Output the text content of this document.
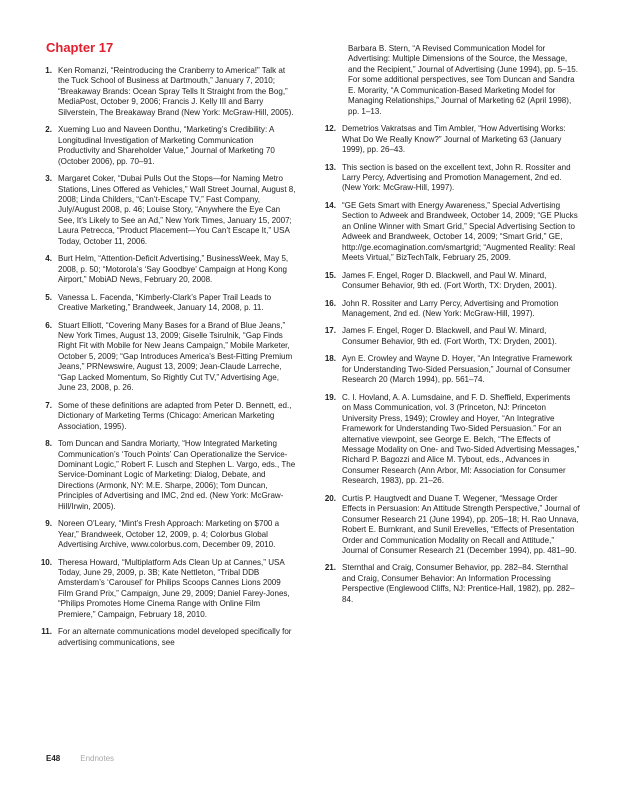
Chapter 17
1. Ken Romanzi, “Reintroducing the Cranberry to America!” Talk at the Tuck School of Business at Dartmouth,” January 7, 2010; “Breakaway Brands: Ocean Spray Tells It Straight from the Bog,” MediaPost, October 9, 2006; Francis J. Kelly III and Barry Silverstein, The Breakaway Brand (New York: McGraw-Hill, 2005).
2. Xueming Luo and Naveen Donthu, “Marketing’s Credibility: A Longitudinal Investigation of Marketing Communication Productivity and Shareholder Value,” Journal of Marketing 70 (October 2006), pp. 70–91.
3. Margaret Coker, “Dubai Pulls Out the Stops—for Naming Metro Stations, Lines Offered as Vehicles,” Wall Street Journal, August 8, 2008; Linda Childers, “Can’t-Escape TV,” Fast Company, July/August 2008, p. 46; Louise Story, “Anywhere the Eye Can See, It’s Likely to See an Ad,” New York Times, January 15, 2007; Laura Petrecca, “Product Placement—You Can’t Escape It,” USA Today, October 11, 2006.
4. Burt Helm, “Attention-Deficit Advertising,” BusinessWeek, May 5, 2008, p. 50; “Motorola’s ‘Say Goodbye’ Campaign at Hong Kong Airport,” MobiAD News, February 20, 2008.
5. Vanessa L. Facenda, “Kimberly-Clark’s Paper Trail Leads to Creative Marketing,” Brandweek, January 14, 2008, p. 11.
6. Stuart Elliott, “Covering Many Bases for a Brand of Blue Jeans,” New York Times, August 13, 2009; Giselle Tsirulnik, “Gap Finds Right Fit with Mobile for New Jeans Campaign,” Mobile Marketer, October 5, 2009; “Gap Introduces America’s Best-Fitting Premium Jeans,” PRNewswire, August 13, 2009; Jean-Claude Larreche, “Gap Lacked Momentum, So Rightly Cut TV,” Advertising Age, June 23, 2008, p. 26.
7. Some of these definitions are adapted from Peter D. Bennett, ed., Dictionary of Marketing Terms (Chicago: American Marketing Association, 1995).
8. Tom Duncan and Sandra Moriarty, “How Integrated Marketing Communication’s ‘Touch Points’ Can Operationalize the Service-Dominant Logic,” Robert F. Lusch and Stephen L. Vargo, eds., The Service-Dominant Logic of Marketing: Dialog, Debate, and Directions (Armonk, NY: M.E. Sharpe, 2006); Tom Duncan, Principles of Advertising and IMC, 2nd ed. (New York: McGraw-Hill/Irwin, 2005).
9. Noreen O’Leary, “Mint’s Fresh Approach: Marketing on $700 a Year,” Brandweek, October 12, 2009, p. 4; Colorbus Global Advertising Archive, www.colorbus.com, December 09, 2010.
10. Theresa Howard, “Multiplatform Ads Clean Up at Cannes,” USA Today, June 29, 2009, p. 3B; Kate Nettleton, “Tribal DDB Amsterdam’s ‘Carousel’ for Philips Scoops Cannes Lions 2009 Film Grand Prix,” Campaign, June 29, 2009; Daniel Farey-Jones, “Philips Promotes Home Cinema Range with Online Film Premiere,” Campaign, February 18, 2010.
11. For an alternate communications model developed specifically for advertising communications, see
Barbara B. Stern, “A Revised Communication Model for Advertising: Multiple Dimensions of the Source, the Message, and the Recipient,” Journal of Advertising (June 1994), pp. 5–15. For some additional perspectives, see Tom Duncan and Sandra E. Morarity, “A Communication-Based Marketing Model for Managing Relationships,” Journal of Marketing 62 (April 1998), pp. 1–13.
12. Demetrios Vakratsas and Tim Ambler, “How Advertising Works: What Do We Really Know?” Journal of Marketing 63 (January 1999), pp. 26–43.
13. This section is based on the excellent text, John R. Rossiter and Larry Percy, Advertising and Promotion Management, 2nd ed. (New York: McGraw-Hill, 1997).
14. “GE Gets Smart with Energy Awareness,” Special Advertising Section to Adweek and Brandweek, October 14, 2009; “GE Plucks an Online Winner with Smart Grid,” Special Advertising Section to Adweek and Brandweek, October 14, 2009; “Smart Grid,” GE, http://ge.ecomagination.com/smartgrid; “Augmented Reality: Real Meets Virtual,” BizTechTalk, February 25, 2009.
15. James F. Engel, Roger D. Blackwell, and Paul W. Minard, Consumer Behavior, 9th ed. (Fort Worth, TX: Dryden, 2001).
16. John R. Rossiter and Larry Percy, Advertising and Promotion Management, 2nd ed. (New York: McGraw-Hill, 1997).
17. James F. Engel, Roger D. Blackwell, and Paul W. Minard, Consumer Behavior, 9th ed. (Fort Worth, TX: Dryden, 2001).
18. Ayn E. Crowley and Wayne D. Hoyer, “An Integrative Framework for Understanding Two-Sided Persuasion,” Journal of Consumer Research 20 (March 1994), pp. 561–74.
19. C. I. Hovland, A. A. Lumsdaine, and F. D. Sheffield, Experiments on Mass Communication, vol. 3 (Princeton, NJ: Princeton University Press, 1949); Crowley and Hoyer, “An Integrative Framework for Understanding Two-Sided Persuasion.” For an alternative viewpoint, see George E. Belch, “The Effects of Message Modality on One- and Two-Sided Advertising Messages,” Richard P. Bagozzi and Alice M. Tybout, eds., Advances in Consumer Research (Ann Arbor, MI: Association for Consumer Research, 1983), pp. 21–26.
20. Curtis P. Haugtvedt and Duane T. Wegener, “Message Order Effects in Persuasion: An Attitude Strength Perspective,” Journal of Consumer Research 21 (June 1994), pp. 205–18; H. Rao Unnava, Robert E. Burnkrant, and Sunil Erevelles, “Effects of Presentation Order and Communication Modality on Recall and Attitude,” Journal of Consumer Research 21 (December 1994), pp. 481–90.
21. Sternthal and Craig, Consumer Behavior, pp. 282–84. Sternthal and Craig, Consumer Behavior: An Information Processing Perspective (Englewood Cliffs, NJ: Prentice-Hall, 1982), pp. 282–84.
E48	Endnotes
